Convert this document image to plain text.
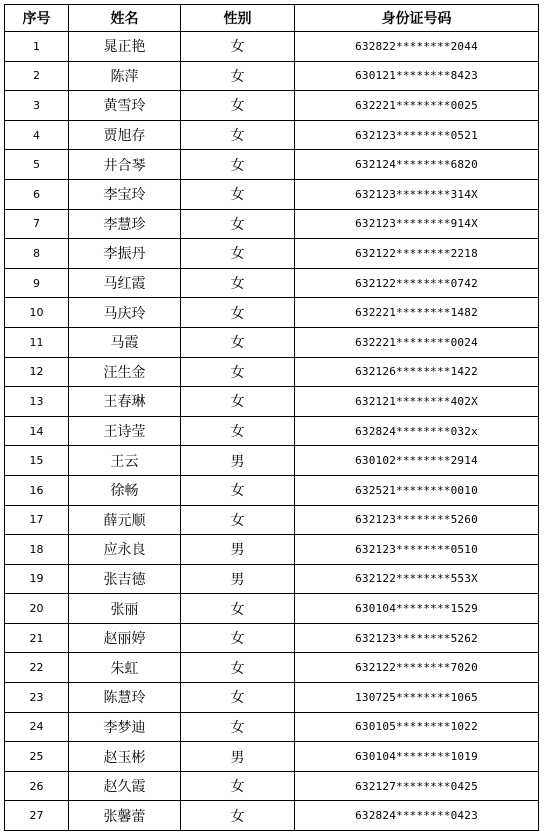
序号	姓名	性别	身份证号码
1	晁正艳	女	632822********2044
2	陈萍	女	630121********8423
3	黄雪玲	女	632221********0025
4	贾旭存	女	632123********0521
5	井合琴	女	632124********6820
6	李宝玲	女	632123********314X
7	李慧珍	女	632123********914X
8	李振丹	女	632122********2218
9	马红霞	女	632122********0742
10	马庆玲	女	632221********1482
11	马霞	女	632221********0024
12	汪生金	女	632126********1422
13	王春琳	女	632121********402X
14	王诗莹	女	632824********032x
15	王云	男	630102********2914
16	徐畅	女	632521********0010
17	薛元顺	女	632123********5260
18	应永良	男	632123********0510
19	张吉德	男	632122********553X
20	张丽	女	630104********1529
21	赵丽婷	女	632123********5262
22	朱虹	女	632122********7020
23	陈慧玲	女	130725********1065
24	李梦迪	女	630105********1022
25	赵玉彬	男	630104********1019
26	赵久霞	女	632127********0425
27	张馨蕾	女	632824********0423
